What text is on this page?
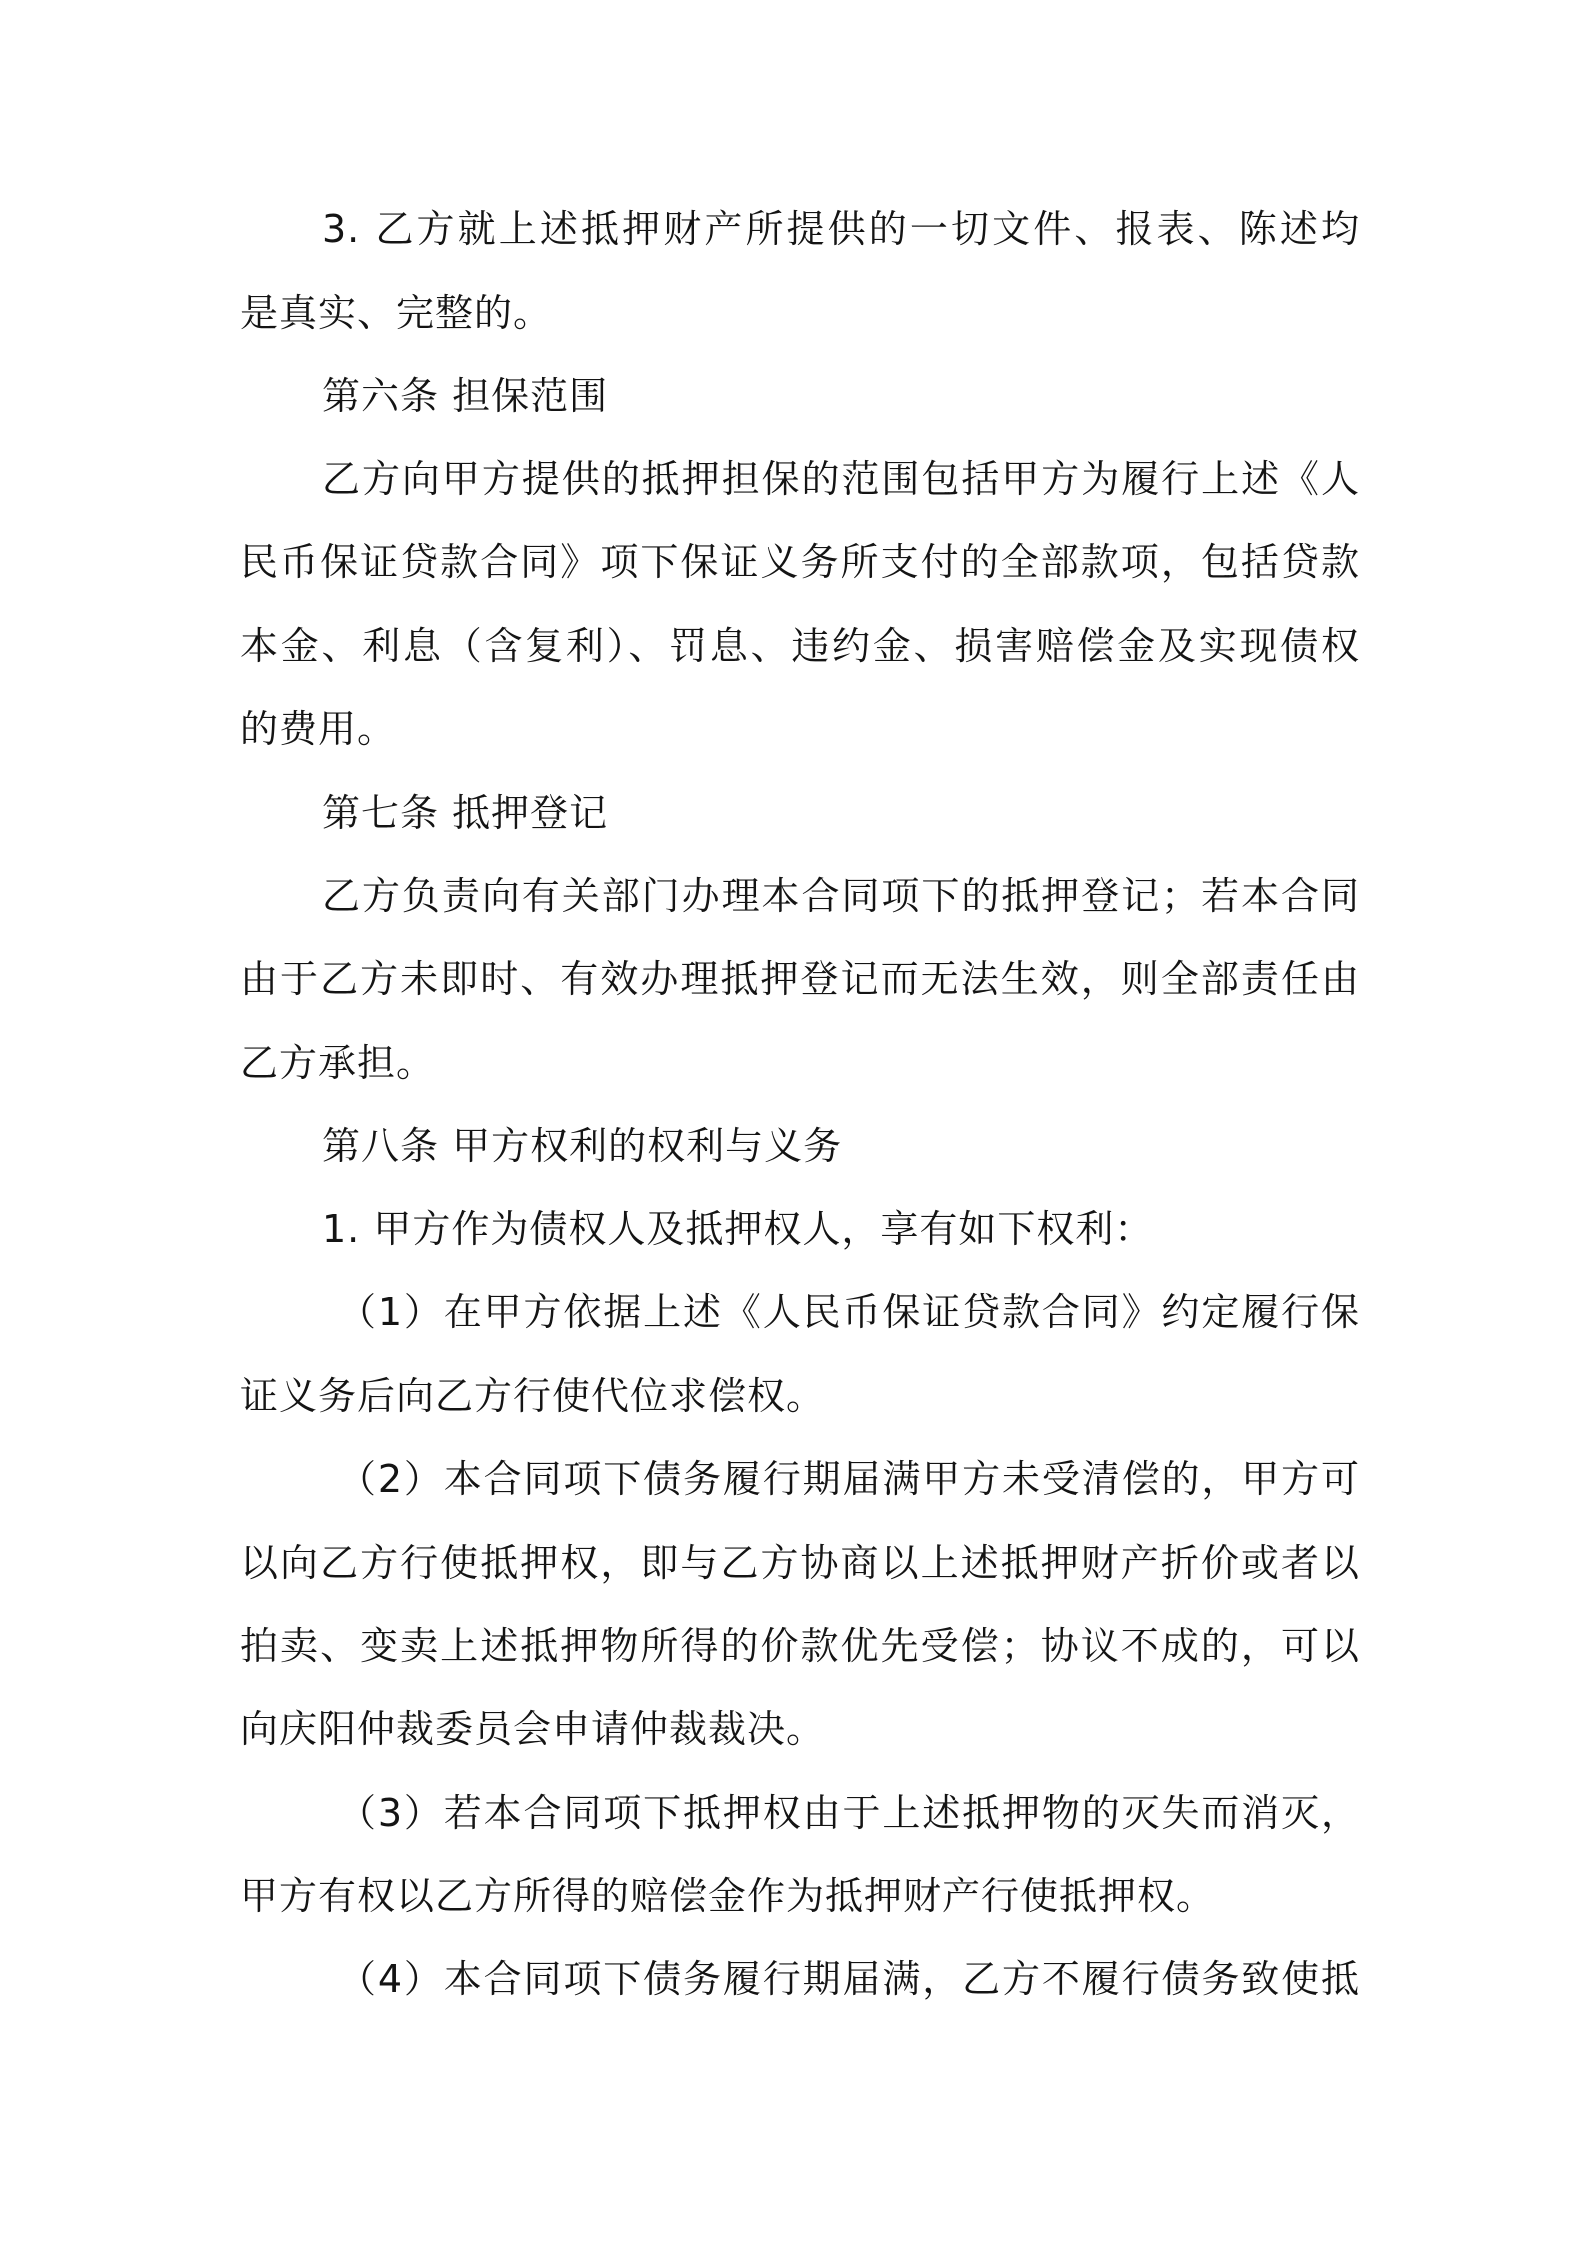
3. 乙方就上述抵押财产所提供的一切文件、报表、陈述均
是真实、完整的。
第六条 担保范围
乙方向甲方提供的抵押担保的范围包括甲方为履行上述《人
民币保证贷款合同》项下保证义务所支付的全部款项，包括贷款
本金、利息（含复利）、罚息、违约金、损害赔偿金及实现债权
的费用。
第七条 抵押登记
乙方负责向有关部门办理本合同项下的抵押登记；若本合同
由于乙方未即时、有效办理抵押登记而无法生效，则全部责任由
乙方承担。
第八条 甲方权利的权利与义务
1. 甲方作为债权人及抵押权人，享有如下权利：
（1）在甲方依据上述《人民币保证贷款合同》约定履行保
证义务后向乙方行使代位求偿权。
（2）本合同项下债务履行期届满甲方未受清偿的，甲方可
以向乙方行使抵押权，即与乙方协商以上述抵押财产折价或者以
拍卖、变卖上述抵押物所得的价款优先受偿；协议不成的，可以
向庆阳仲裁委员会申请仲裁裁决。
（3）若本合同项下抵押权由于上述抵押物的灭失而消灭，
甲方有权以乙方所得的赔偿金作为抵押财产行使抵押权。
（4）本合同项下债务履行期届满，乙方不履行债务致使抵
